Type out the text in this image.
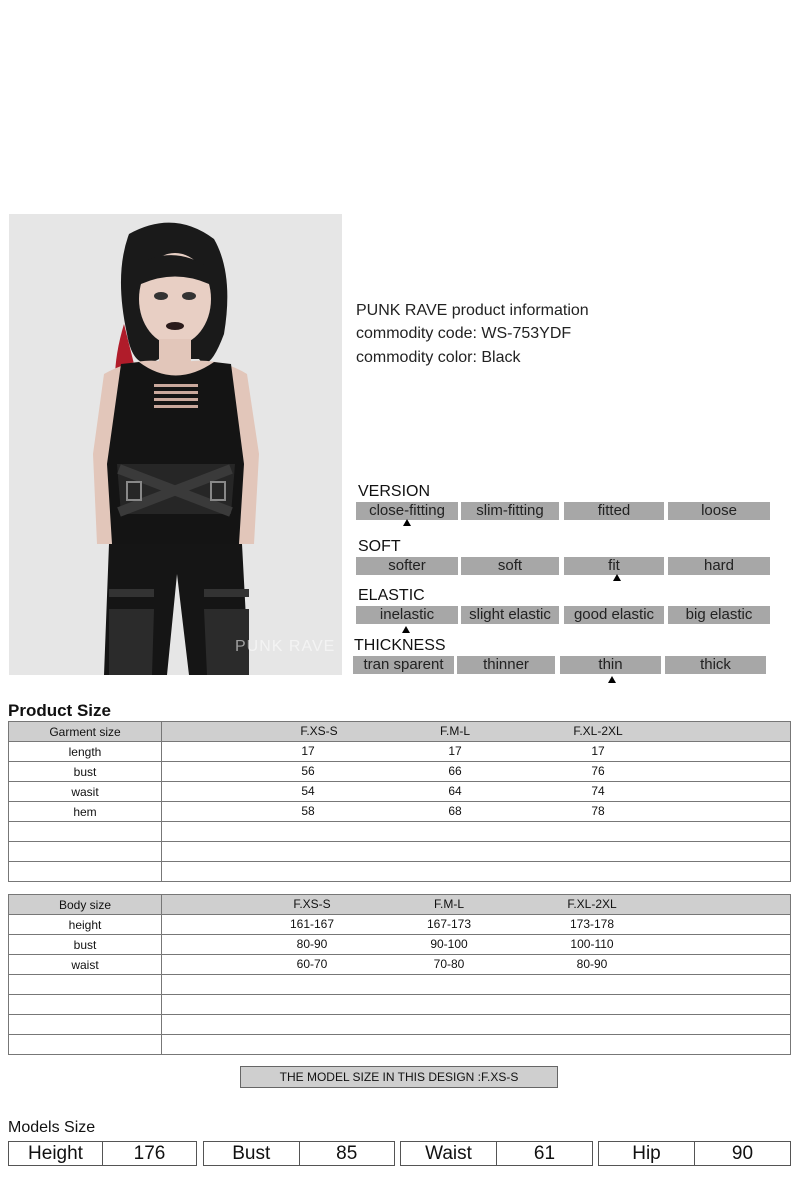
PUNK RAVE
PUNK RAVE product information
commodity code: WS-753YDF
commodity color: Black
VERSION
close-fitting	slim-fitting	fitted	loose
SOFT
softer	soft	fit	hard
ELASTIC
inelastic	slight elastic	good elastic	big elastic
THICKNESS
tran sparent	thinner	thin	thick
Product Size
Garment size	F.XS-S F.M-L F.XL-2XL

length	17 17 17

bust	56 66 76

wasit	54 64 74

hem	58 68 78

Body size	F.XS-S F.M-L F.XL-2XL

height	161-167 167-173 173-178

bust	80-90 90-100 100-110

waist	60-70 70-80 80-90

THE MODEL SIZE IN THIS DESIGN :F.XS-S
Models Size
Height	176	Bust	85	Waist	61	Hip	90
